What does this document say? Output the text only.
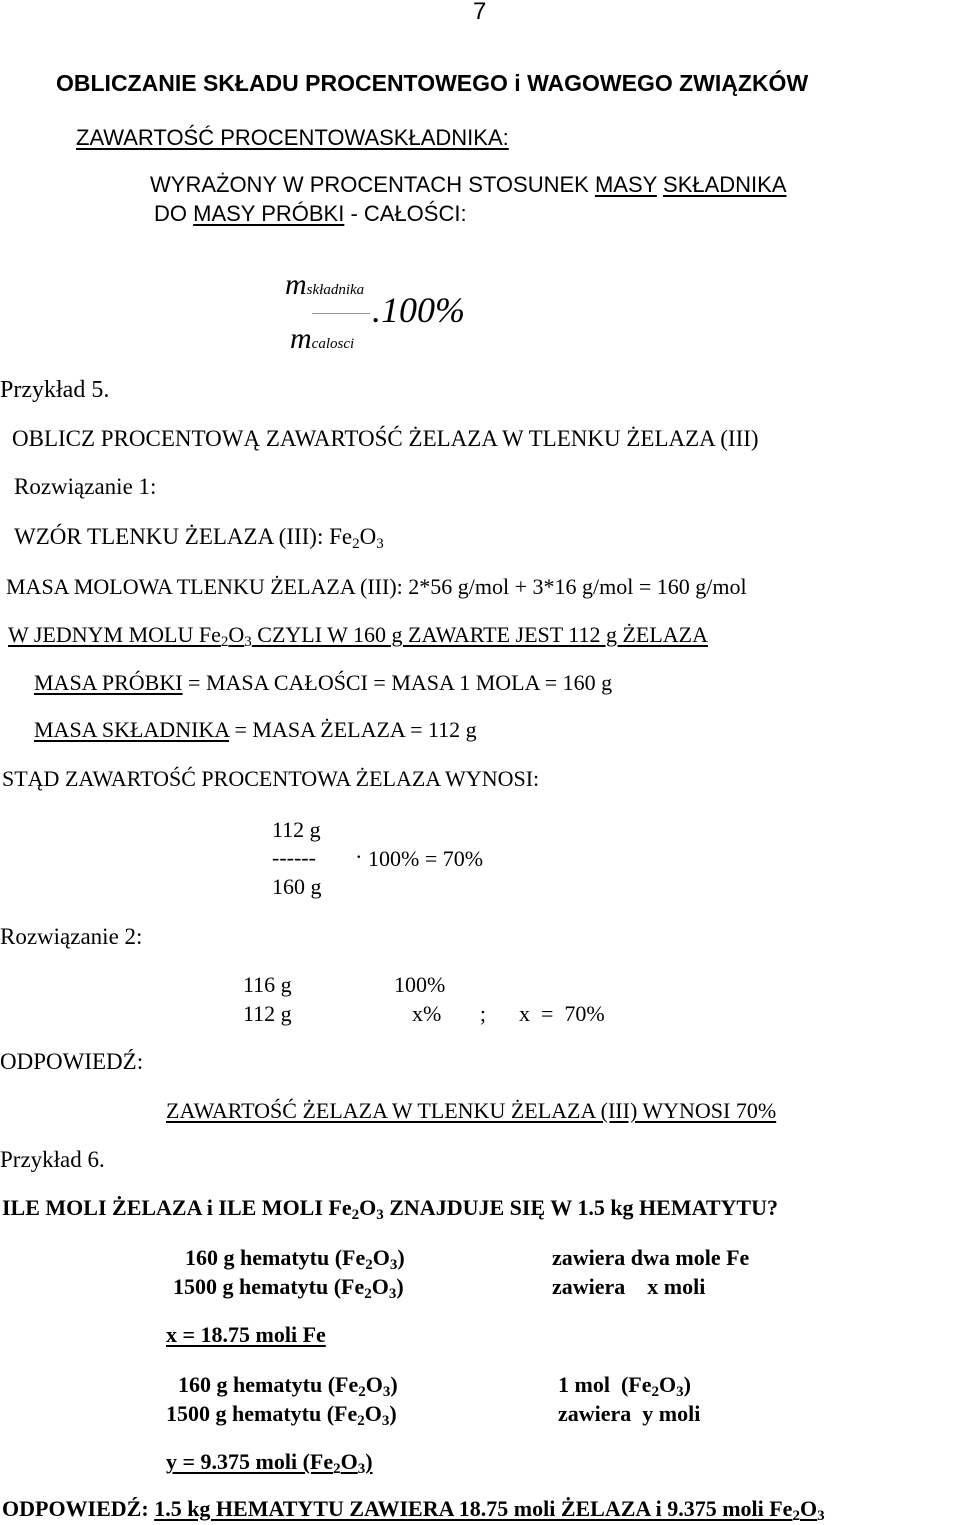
7
OBLICZANIE SKŁADU PROCENTOWEGO i WAGOWEGO ZWIĄZKÓW
ZAWARTOŚĆ PROCENTOWASKŁADNIKA:
WYRAŻONY W PROCENTACH STOSUNEK MASY SKŁADNIKA
DO MASY PRÓBKI - CAŁOŚCI:
mskładnika
mcalosci
.100%
Przykład 5.
OBLICZ PROCENTOWĄ ZAWARTOŚĆ ŻELAZA W TLENKU ŻELAZA (III)
Rozwiązanie 1:
WZÓR TLENKU ŻELAZA (III): $Fe_2O_3$
MASA MOLOWA TLENKU ŻELAZA (III): 2*56 g/mol + 3*16 g/mol = 160 g/mol
W JEDNYM MOLU $Fe_2O_3$ CZYLI W 160 g ZAWARTE JEST 112 g ŻELAZA
MASA PRÓBKI = MASA CAŁOŚCI = MASA 1 MOLA = 160 g
MASA SKŁADNIKA = MASA ŻELAZA = 112 g
STĄD ZAWARTOŚĆ PROCENTOWA ŻELAZA WYNOSI:
112 g
------ . 100% = 70%
160 g
Rozwiązanie 2:
116 g	100%
112 g	x%       ;      x  =  70%
ODPOWIEDŹ:
ZAWARTOŚĆ ŻELAZA W TLENKU ŻELAZA (III) WYNOSI 70%
Przykład 6.
ILE MOLI ŻELAZA i ILE MOLI $Fe_2O_3$ ZNAJDUJE SIĘ W 1.5 kg HEMATYTU?
160 g hematytu $(Fe_2O_3)$	zawiera dwa mole Fe
1500 g hematytu $(Fe_2O_3)$	zawiera    x moli
x = 18.75 moli Fe
160 g hematytu $(Fe_2O_3)$	1 mol  $(Fe_2O_3)$
1500 g hematytu $(Fe_2O_3)$	zawiera  y moli
y = 9.375 moli $(Fe_2O_3)$
ODPOWIEDŹ: 1.5 kg HEMATYTU ZAWIERA 18.75 moli ŻELAZA i 9.375 moli $Fe_2O_3$
